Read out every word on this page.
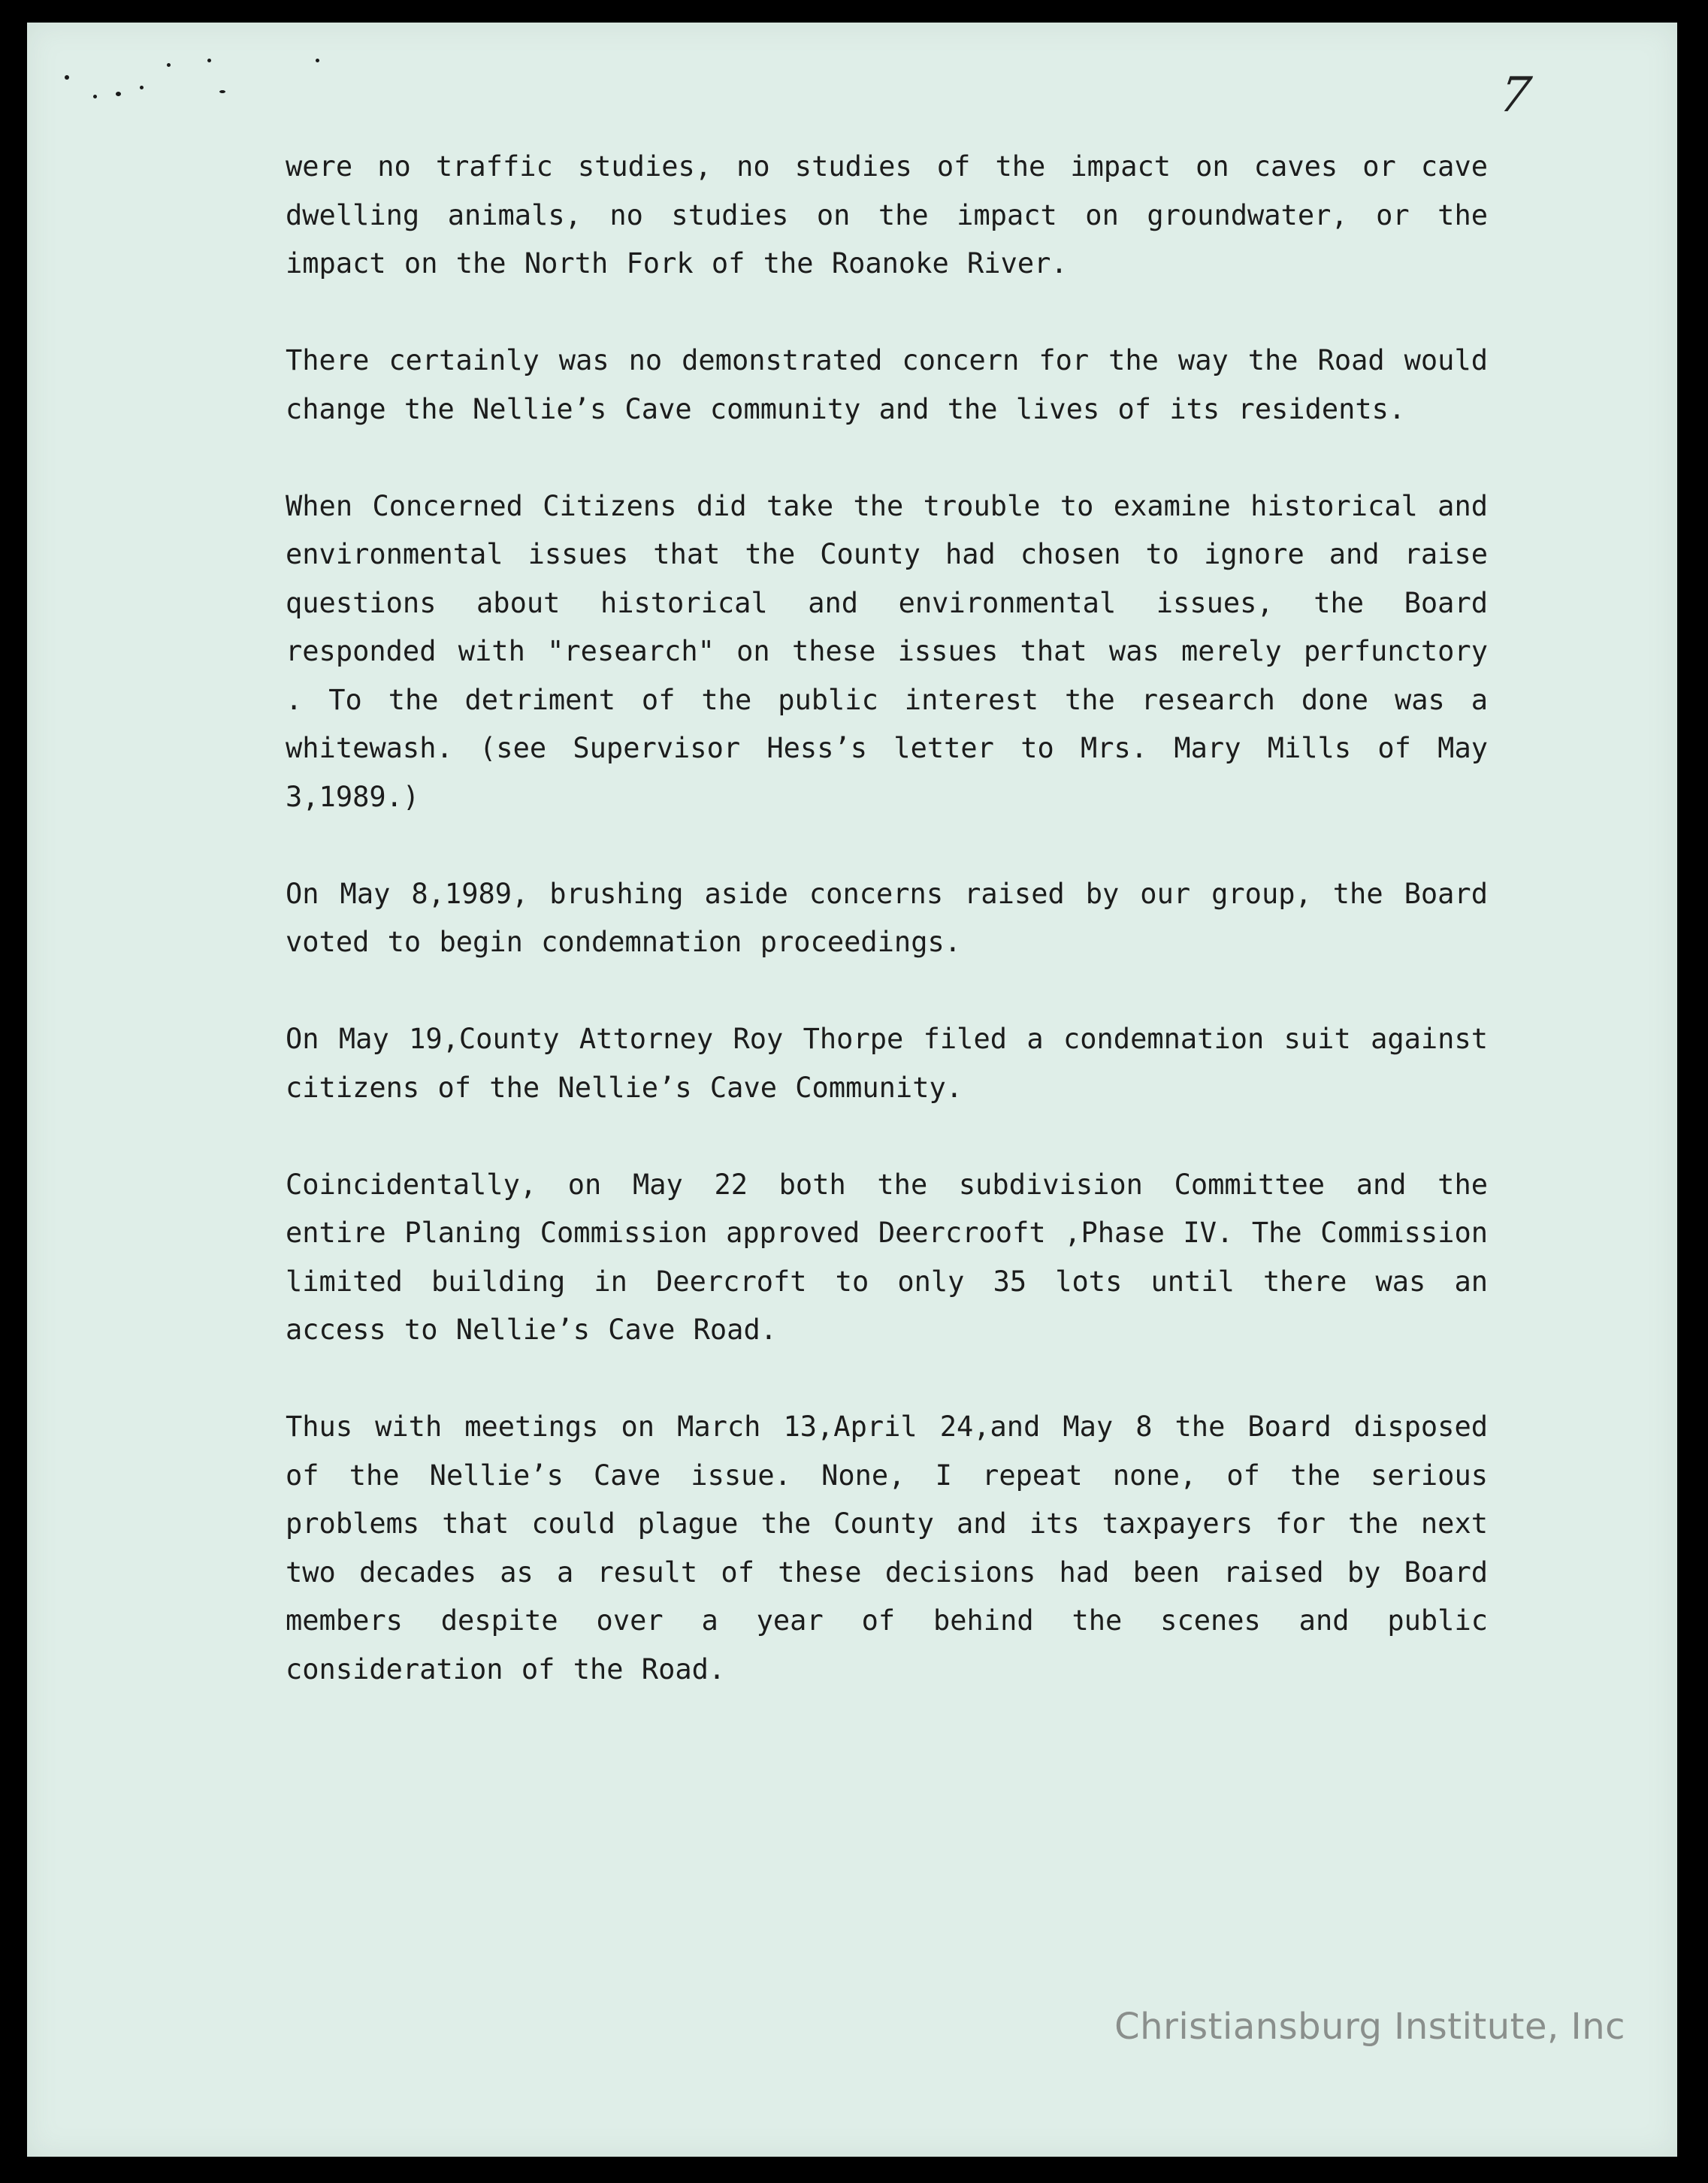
7

were no traffic studies, no studies of the impact on caves or cave dwelling animals, no studies on the impact on groundwater, or the impact on the North Fork of the Roanoke River.

There certainly was no demonstrated concern for the way the Road would change the Nellie’s Cave community and the lives of its residents.

When Concerned Citizens did take the trouble to examine historical and environmental issues that the County had chosen to ignore and raise questions about historical and environmental issues, the Board responded with "research" on these issues that was merely perfunctory . To the detriment of the public interest the research done was a whitewash. (see Supervisor Hess’s letter to Mrs. Mary Mills of May 3,1989.)

On May 8,1989, brushing aside concerns raised by our group, the Board voted to begin condemnation proceedings.

On May 19,County Attorney Roy Thorpe filed a condemnation suit against citizens of the Nellie’s Cave Community.

Coincidentally, on May 22 both the subdivision Committee and the entire Planing Commission approved Deercrooft ,Phase IV. The Commission limited building in Deercroft to only 35 lots until there was an access to Nellie’s Cave Road.

Thus with meetings on March 13,April 24,and May 8 the Board disposed of the Nellie’s Cave issue. None, I repeat none, of the serious problems that could plague the County and its taxpayers for the next two decades as a result of these decisions had been raised by Board members despite over a year of behind the scenes and public consideration of the Road.

Christiansburg Institute, Inc
